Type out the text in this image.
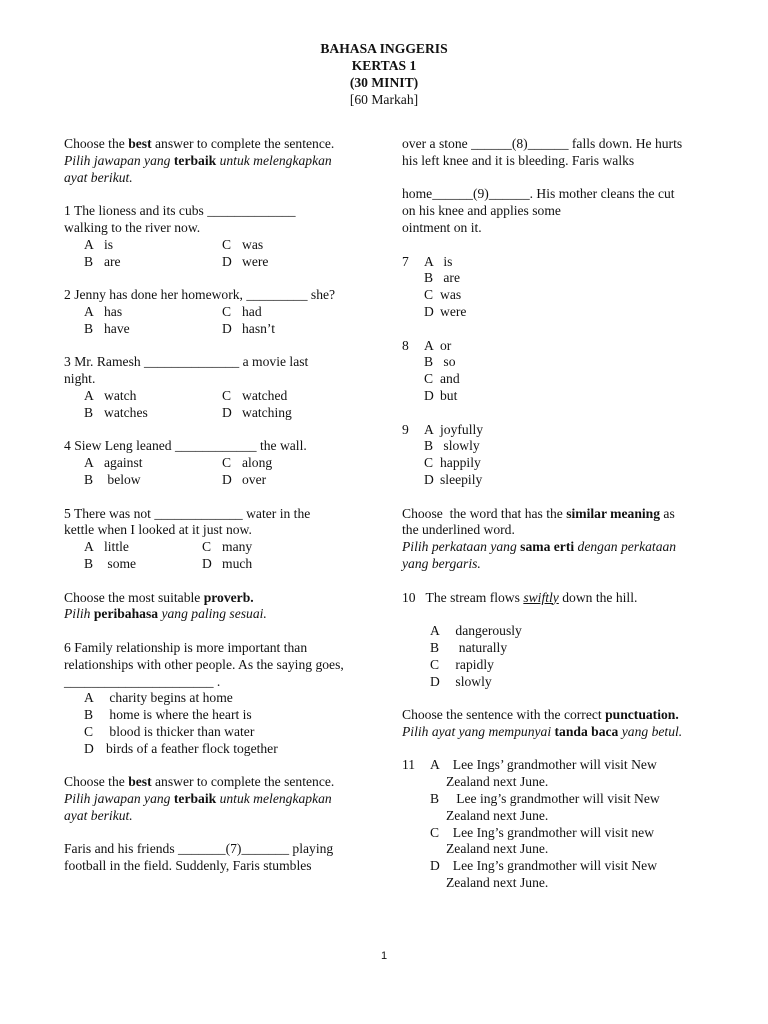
BAHASA INGGERIS
KERTAS 1
(30 MINIT)
[60 Markah]
Choose the best answer to complete the sentence.
Pilih jawapan yang terbaik untuk melengkapkan
ayat berikut.
1 The lioness and its cubs _____________
walking to the river now.
A is	C was
B are	D were
2 Jenny has done her homework, _________ she?
A has	C had
B have	D hasn’t
3 Mr. Ramesh ______________ a movie last
night.
A watch	C watched
B watches	D watching
4 Siew Leng leaned ____________ the wall.
A against	C along
B below	D over
5 There was not _____________ water in the
kettle when I looked at it just now.
A little	C many
B some	D much
Choose the most suitable proverb.
Pilih peribahasa yang paling sesuai.
6 Family relationship is more important than
relationships with other people. As the saying goes,
______________________ .
A charity begins at home
B home is where the heart is
C blood is thicker than water
D birds of a feather flock together
Choose the best answer to complete the sentence.
Pilih jawapan yang terbaik untuk melengkapkan
ayat berikut.
Faris and his friends _______(7)_______ playing
football in the field. Suddenly, Faris stumbles
over a stone ______(8)______ falls down. He hurts
his left knee and it is bleeding. Faris walks
home______(9)______. His mother cleans the cut
on his knee and applies some
ointment on it.
7	A is
B are
C was
D were
8	A or
B so
C and
D but
9	A joyfully
B slowly
C happily
D sleepily
Choose  the word that has the similar meaning as
the underlined word.
Pilih perkataan yang sama erti dengan perkataan
yang bergaris.
10   The stream flows swiftly down the hill.
A dangerously
B naturally
C rapidly
D slowly
Choose the sentence with the correct punctuation.
Pilih ayat yang mempunyai tanda baca yang betul.
11	A Lee Ings’ grandmother will visit New
Zealand next June.
B Lee ing’s grandmother will visit New
Zealand next June.
C Lee Ing’s grandmother will visit new
Zealand next June.
D Lee Ing’s grandmother will visit New
Zealand next June.
1
